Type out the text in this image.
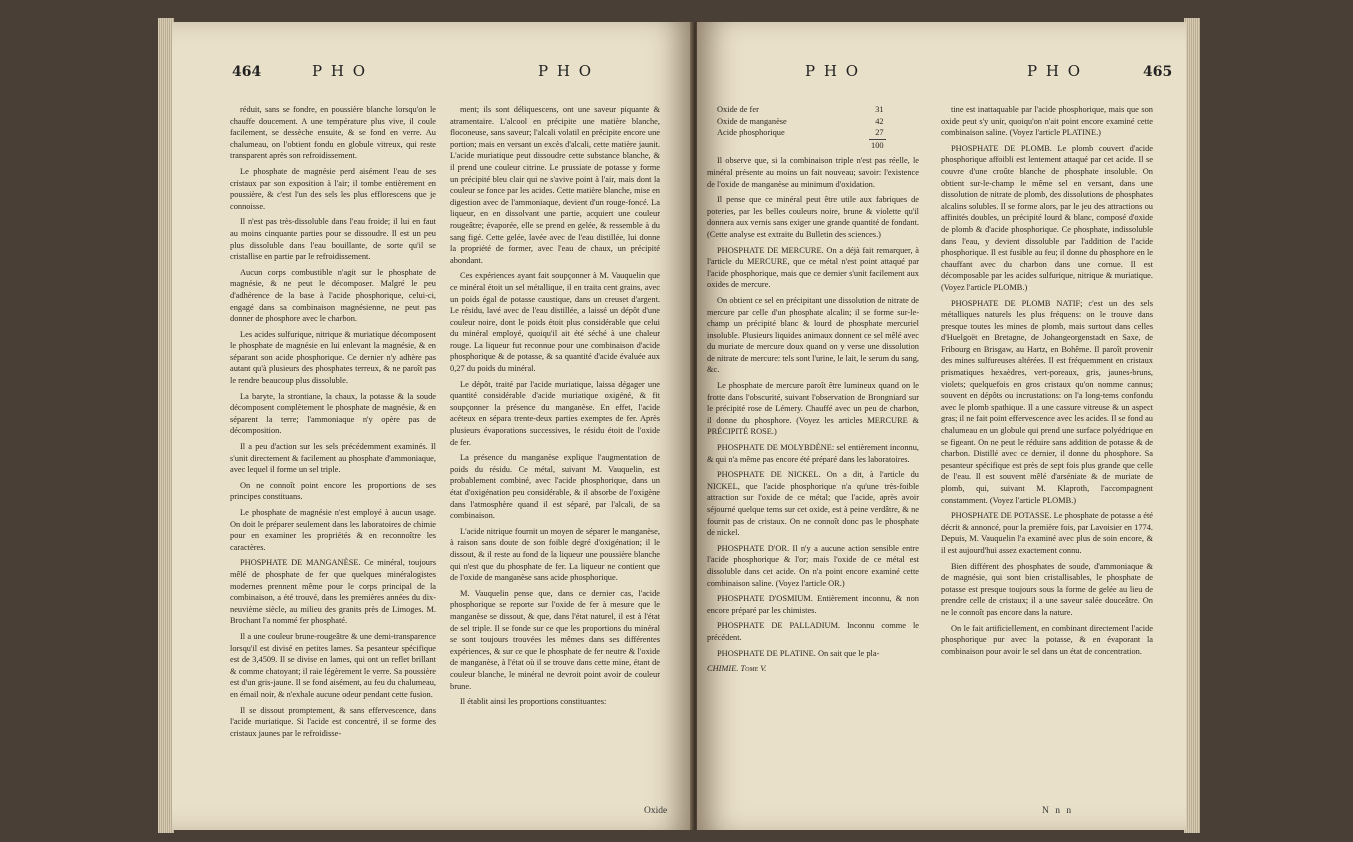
464	P H O	P H O

réduit, sans se fondre, en poussière blanche lorsqu'on le chauffe doucement. A une température plus vive, il coule facilement, se dessèche ensuite, & se fond en verre. Au chalumeau, on l'obtient fondu en globule vitreux, qui reste transparent après son refroidissement.

Le phosphate de magnésie perd aisément l'eau de ses cristaux par son exposition à l'air; il tombe entièrement en poussière, & c'est l'un des sels les plus efflorescens que je connoisse.

Il n'est pas très-dissoluble dans l'eau froide; il lui en faut au moins cinquante parties pour se dissoudre. Il est un peu plus dissoluble dans l'eau bouillante, de sorte qu'il se cristallise en partie par le refroidissement.

Aucun corps combustible n'agit sur le phosphate de magnésie, & ne peut le décomposer. Malgré le peu d'adhérence de la base à l'acide phosphorique, celui-ci, engagé dans sa combinaison magnésienne, ne peut pas donner de phosphore avec le charbon.

Les acides sulfurique, nitrique & muriatique décomposent le phosphate de magnésie en lui enlevant la magnésie, & en séparant son acide phosphorique. Ce dernier n'y adhère pas autant qu'à plusieurs des phosphates terreux, & ne paroît pas le rendre beaucoup plus dissoluble.

La baryte, la strontiane, la chaux, la potasse & la soude décomposent complètement le phosphate de magnésie, & en séparent la terre; l'ammoniaque n'y opère pas de décomposition.

Il a peu d'action sur les sels précédemment examinés. Il s'unit directement & facilement au phosphate d'ammoniaque, avec lequel il forme un sel triple.

On ne connoît point encore les proportions de ses principes constituans.

Le phosphate de magnésie n'est employé à aucun usage. On doit le préparer seulement dans les laboratoires de chimie pour en examiner les propriétés & en reconnoître les caractères.

PHOSPHATE DE MANGANÈSE. Ce minéral, toujours mêlé de phosphate de fer que quelques minéralogistes modernes prennent même pour le corps principal de la combinaison, a été trouvé, dans les premières années du dix-neuvième siècle, au milieu des granits près de Limoges. M. Brochant l'a nommé fer phosphaté.

Il a une couleur brune-rougeâtre & une demi-transparence lorsqu'il est divisé en petites lames. Sa pesanteur spécifique est de 3,4509. Il se divise en lames, qui ont un reflet brillant & comme chatoyant; il raie légèrement le verre. Sa poussière est d'un gris-jaune. Il se fond aisément, au feu du chalumeau, en émail noir, & n'exhale aucune odeur pendant cette fusion.

Il se dissout promptement, & sans effervescence, dans l'acide muriatique. Si l'acide est concentré, il se forme des cristaux jaunes par le refroidisse-

ment; ils sont déliquescens, ont une saveur piquante & atramentaire. L'alcool en précipite une matière blanche, floconeuse, sans saveur; l'alcali volatil en précipite encore une portion; mais en versant un excès d'alcali, cette matière jaunit. L'acide muriatique peut dissoudre cette substance blanche, & il prend une couleur citrine. Le prussiate de potasse y forme un précipité bleu clair qui ne s'avive point à l'air, mais dont la couleur se fonce par les acides. Cette matière blanche, mise en digestion avec de l'ammoniaque, devient d'un rouge-foncé. La liqueur, en en dissolvant une partie, acquiert une couleur rougeâtre; évaporée, elle se prend en gelée, & ressemble à du sang figé. Cette gelée, lavée avec de l'eau distillée, lui donne la propriété de former, avec l'eau de chaux, un précipité abondant.

Ces expériences ayant fait soupçonner à M. Vauquelin que ce minéral étoit un sel métallique, il en traita cent grains, avec un poids égal de potasse caustique, dans un creuset d'argent. Le résidu, lavé avec de l'eau distillée, a laissé un dépôt d'une couleur noire, dont le poids étoit plus considérable que celui du minéral employé, quoiqu'il ait été séché à une chaleur rouge. La liqueur fut reconnue pour une combinaison d'acide phosphorique & de potasse, & sa quantité d'acide évaluée aux 0,27 du poids du minéral.

Le dépôt, traité par l'acide muriatique, laissa dégager une quantité considérable d'acide muriatique oxigéné, & fit soupçonner la présence du manganèse. En effet, l'acide acéteux en sépara trente-deux parties exemptes de fer. Après plusieurs évaporations successives, le résidu étoit de l'oxide de fer.

La présence du manganèse explique l'augmentation de poids du résidu. Ce métal, suivant M. Vauquelin, est probablement combiné, avec l'acide phosphorique, dans un état d'oxigénation peu considérable, & il absorbe de l'oxigène dans l'atmosphère quand il est séparé, par l'alcali, de sa combinaison.

L'acide nitrique fournit un moyen de séparer le manganèse, à raison sans doute de son foible degré d'oxigénation; il le dissout, & il reste au fond de la liqueur une poussière blanche qui n'est que du phosphate de fer. La liqueur ne contient que de l'oxide de manganèse sans acide phosphorique.

M. Vauquelin pense que, dans ce dernier cas, l'acide phosphorique se reporte sur l'oxide de fer à mesure que le manganèse se dissout, & que, dans l'état naturel, il est à l'état de sel triple. Il se fonde sur ce que les proportions du minéral se sont toujours trouvées les mêmes dans ses différentes expériences, & sur ce que le phosphate de fer neutre & l'oxide de manganèse, à l'état où il se trouve dans cette mine, étant de couleur blanche, le minéral ne devroit point avoir de couleur brune.

Il établit ainsi les proportions constituantes:

Oxide
P H O	P H O	465
Oxide de fer	31
Oxide de manganèse	42
Acide phosphorique	27
	100

Il observe que, si la combinaison triple n'est pas réelle, le minéral présente au moins un fait nouveau; savoir: l'existence de l'oxide de manganèse au minimum d'oxidation.

Il pense que ce minéral peut être utile aux fabriques de poteries, par les belles couleurs noire, brune & violette qu'il donnera aux vernis sans exiger une grande quantité de fondant. (Cette analyse est extraite du Bulletin des sciences.)

PHOSPHATE DE MERCURE. On a déjà fait remarquer, à l'article du MERCURE, que ce métal n'est point attaqué par l'acide phosphorique, mais que ce dernier s'unit facilement aux oxides de mercure.

On obtient ce sel en précipitant une dissolution de nitrate de mercure par celle d'un phosphate alcalin; il se forme sur-le-champ un précipité blanc & lourd de phosphate mercuriel insoluble. Plusieurs liquides animaux donnent ce sel mêlé avec du muriate de mercure doux quand on y verse une dissolution de nitrate de mercure: tels sont l'urine, le lait, le serum du sang, &c.

Le phosphate de mercure paroît être lumineux quand on le frotte dans l'obscurité, suivant l'observation de Brongniard sur le précipité rose de Lémery. Chauffé avec un peu de charbon, il donne du phosphore. (Voyez les articles MERCURE & PRÉCIPITÉ ROSE.)

PHOSPHATE DE MOLYBDÈNE: sel entièrement inconnu, & qui n'a même pas encore été préparé dans les laboratoires.

PHOSPHATE DE NICKEL. On a dit, à l'article du NICKEL, que l'acide phosphorique n'a qu'une très-foible attraction sur l'oxide de ce métal; que l'acide, après avoir séjourné quelque tems sur cet oxide, est à peine verdâtre, & ne fournit pas de cristaux. On ne connoît donc pas le phosphate de nickel.

PHOSPHATE D'OR. Il n'y a aucune action sensible entre l'acide phosphorique & l'or; mais l'oxide de ce métal est dissoluble dans cet acide. On n'a point encore examiné cette combinaison saline. (Voyez l'article OR.)

PHOSPHATE D'OSMIUM. Entièrement inconnu, & non encore préparé par les chimistes.

PHOSPHATE DE PALLADIUM. Inconnu comme le précédent.

PHOSPHATE DE PLATINE. On sait que le pla-

CHIMIE. Tome V.

tine est inattaquable par l'acide phosphorique, mais que son oxide peut s'y unir, quoiqu'on n'ait point encore examiné cette combinaison saline. (Voyez l'article PLATINE.)

PHOSPHATE DE PLOMB. Le plomb couvert d'acide phosphorique affoibli est lentement attaqué par cet acide. Il se couvre d'une croûte blanche de phosphate insoluble. On obtient sur-le-champ le même sel en versant, dans une dissolution de nitrate de plomb, des dissolutions de phosphates alcalins solubles. Il se forme alors, par le jeu des attractions ou affinités doubles, un précipité lourd & blanc, composé d'oxide de plomb & d'acide phosphorique. Ce phosphate, indissoluble dans l'eau, y devient dissoluble par l'addition de l'acide phosphorique. Il est fusible au feu; il donne du phosphore en le chauffant avec du charbon dans une cornue. Il est décomposable par les acides sulfurique, nitrique & muriatique. (Voyez l'article PLOMB.)

PHOSPHATE DE PLOMB NATIF; c'est un des sels métalliques naturels les plus fréquens: on le trouve dans presque toutes les mines de plomb, mais surtout dans celles d'Huelgoët en Bretagne, de Johangeorgenstadt en Saxe, de Fribourg en Brisgaw, au Hartz, en Bohême. Il paroît provenir des mines sulfureuses altérées. Il est fréquemment en cristaux prismatiques hexaèdres, vert-poreaux, gris, jaunes-bruns, violets; quelquefois en gros cristaux qu'on nomme cannus; souvent en dépôts ou incrustations: on l'a long-tems confondu avec le plomb spathique. Il a une cassure vitreuse & un aspect gras; il ne fait point effervescence avec les acides. Il se fond au chalumeau en un globule qui prend une surface polyédrique en se figeant. On ne peut le réduire sans addition de potasse & de charbon. Distillé avec ce dernier, il donne du phosphore. Sa pesanteur spécifique est près de sept fois plus grande que celle de l'eau. Il est souvent mêlé d'arséniate & de muriate de plomb, qui, suivant M. Klaproth, l'accompagnent constamment. (Voyez l'article PLOMB.)

PHOSPHATE DE POTASSE. Le phosphate de potasse a été décrit & annoncé, pour la première fois, par Lavoisier en 1774. Depuis, M. Vauquelin l'a examiné avec plus de soin encore, & il est aujourd'hui assez exactement connu.

Bien différent des phosphates de soude, d'ammoniaque & de magnésie, qui sont bien cristallisables, le phosphate de potasse est presque toujours sous la forme de gelée au lieu de prendre celle de cristaux; il a une saveur salée douceâtre. On ne le connoît pas encore dans la nature.

On le fait artificiellement, en combinant directement l'acide phosphorique pur avec la potasse, & en évaporant la combinaison pour avoir le sel dans un état de concentration.

N n n
